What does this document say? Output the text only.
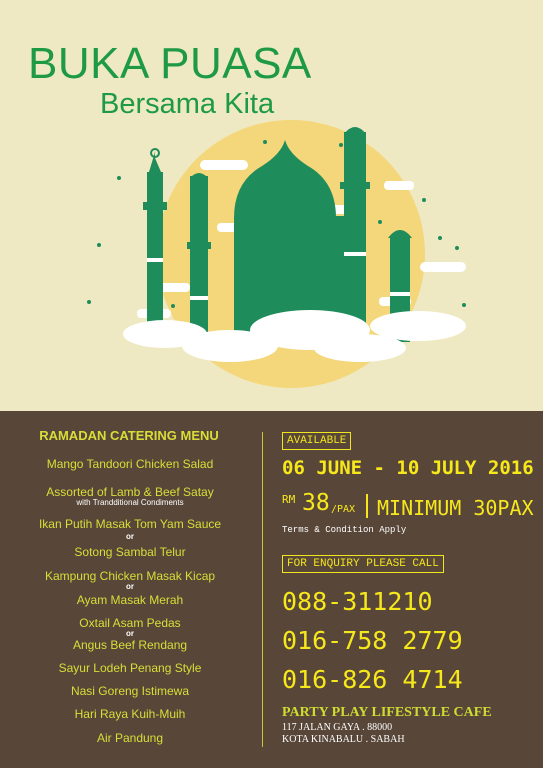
BUKA PUASA
Bersama Kita
RAMADAN CATERING MENU
Mango Tandoori Chicken Salad
Assorted of Lamb & Beef Satay
with Trandditional Condiments
Ikan Putih Masak Tom Yam Sauce
or
Sotong Sambal Telur
Kampung Chicken Masak Kicap
or
Ayam Masak Merah
Oxtail Asam Pedas
or
Angus Beef Rendang
Sayur Lodeh Penang Style
Nasi Goreng Istimewa
Hari Raya Kuih-Muih
Air Pandung
AVAILABLE
06 JUNE - 10 JULY 2016
RM 38 /PAX MINIMUM 30PAX
Terms & Condition Apply
FOR ENQUIRY PLEASE CALL
088-311210
016-758 2779
016-826 4714
PARTY PLAY LIFESTYLE CAFE
117 JALAN GAYA . 88000
KOTA KINABALU . SABAH
